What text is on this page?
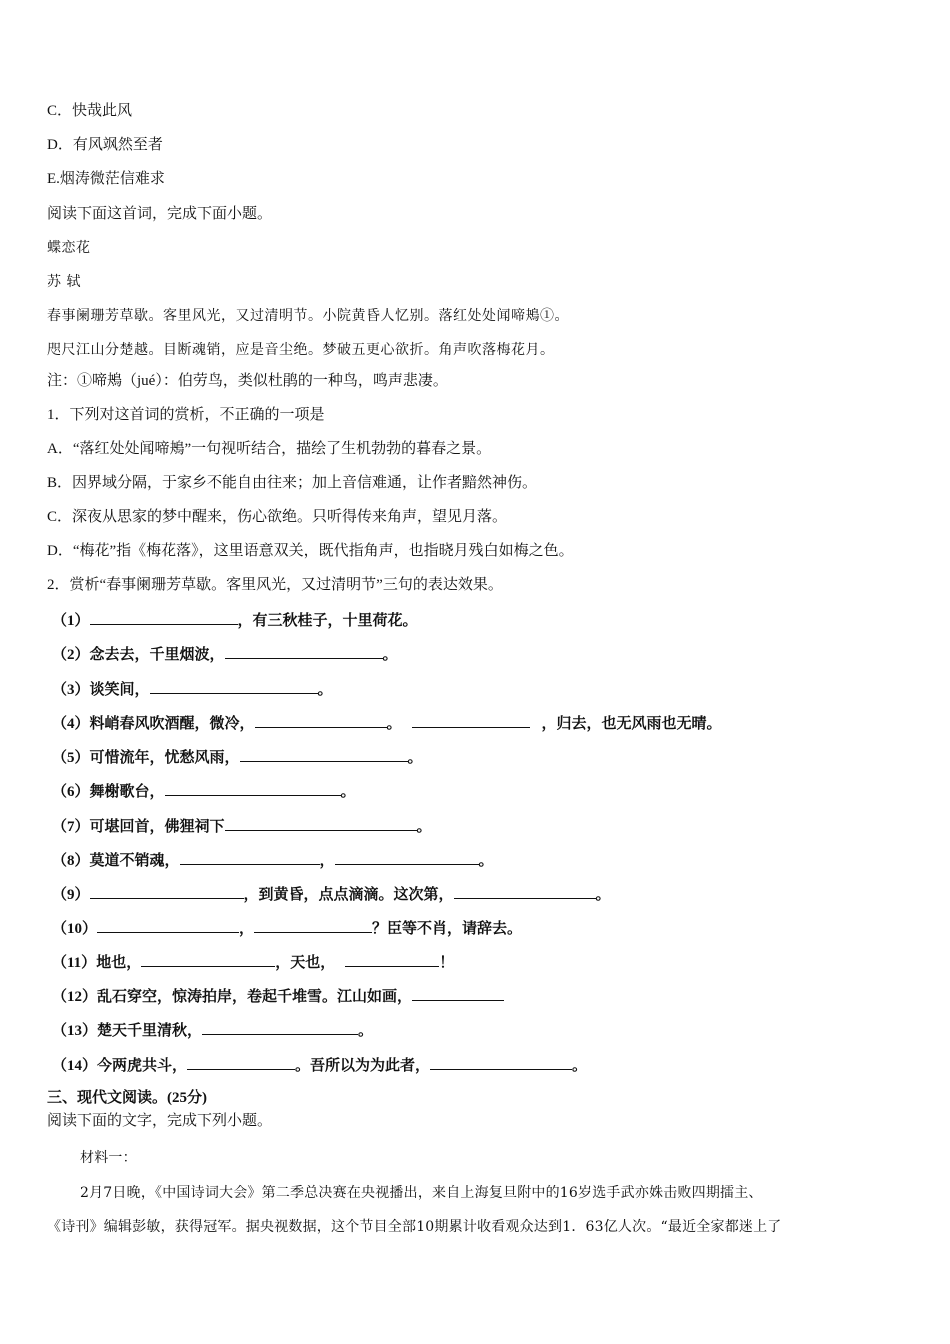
C．快哉此风
D．有风飒然至者
E.烟涛微茫信难求
阅读下面这首词，完成下面小题。
蝶恋花
苏 轼
春事阑珊芳草歇。客里风光，又过清明节。小院黄昏人忆别。落红处处闻啼鴂①。
咫尺江山分楚越。目断魂销，应是音尘绝。梦破五更心欲折。角声吹落梅花月。
注：①啼鴂（jué）：伯劳鸟，类似杜鹃的一种鸟，鸣声悲凄。
1．下列对这首词的赏析，不正确的一项是
A．“落红处处闻啼鴂”一句视听结合，描绘了生机勃勃的暮春之景。
B．因界域分隔，于家乡不能自由往来；加上音信难通，让作者黯然神伤。
C．深夜从思家的梦中醒来，伤心欲绝。只听得传来角声，望见月落。
D．“梅花”指《梅花落》，这里语意双关，既代指角声，也指晓月残白如梅之色。
2．赏析“春事阑珊芳草歇。客里风光，又过清明节”三句的表达效果。
（1）	，有三秋桂子，十里荷花。
（2）念去去，千里烟波，	。
（3）谈笑间，	。
（4）料峭春风吹酒醒，微冷，	。	，归去，也无风雨也无晴。
（5）可惜流年，忧愁风雨，	。
（6）舞榭歌台，	。
（7）可堪回首，佛狸祠下	。
（8）莫道不销魂，	，	。
（9）	，到黄昏，点点滴滴。这次第，	。
（10）	，	？臣等不肖，请辞去。
（11）地也，	，天也，	！
（12）乱石穿空，惊涛拍岸，卷起千堆雪。江山如画，
（13）楚天千里清秋，	。
（14）今两虎共斗，	。吾所以为为此者，	。
三、现代文阅读。(25分)
阅读下面的文字，完成下列小题。
材料一：
2月7日晚，《中国诗词大会》第二季总决赛在央视播出，来自上海复旦附中的16岁选手武亦姝击败四期擂主、
《诗刊》编辑彭敏，获得冠军。据央视数据，这个节目全部10期累计收看观众达到1．63亿人次。“最近全家都迷上了
